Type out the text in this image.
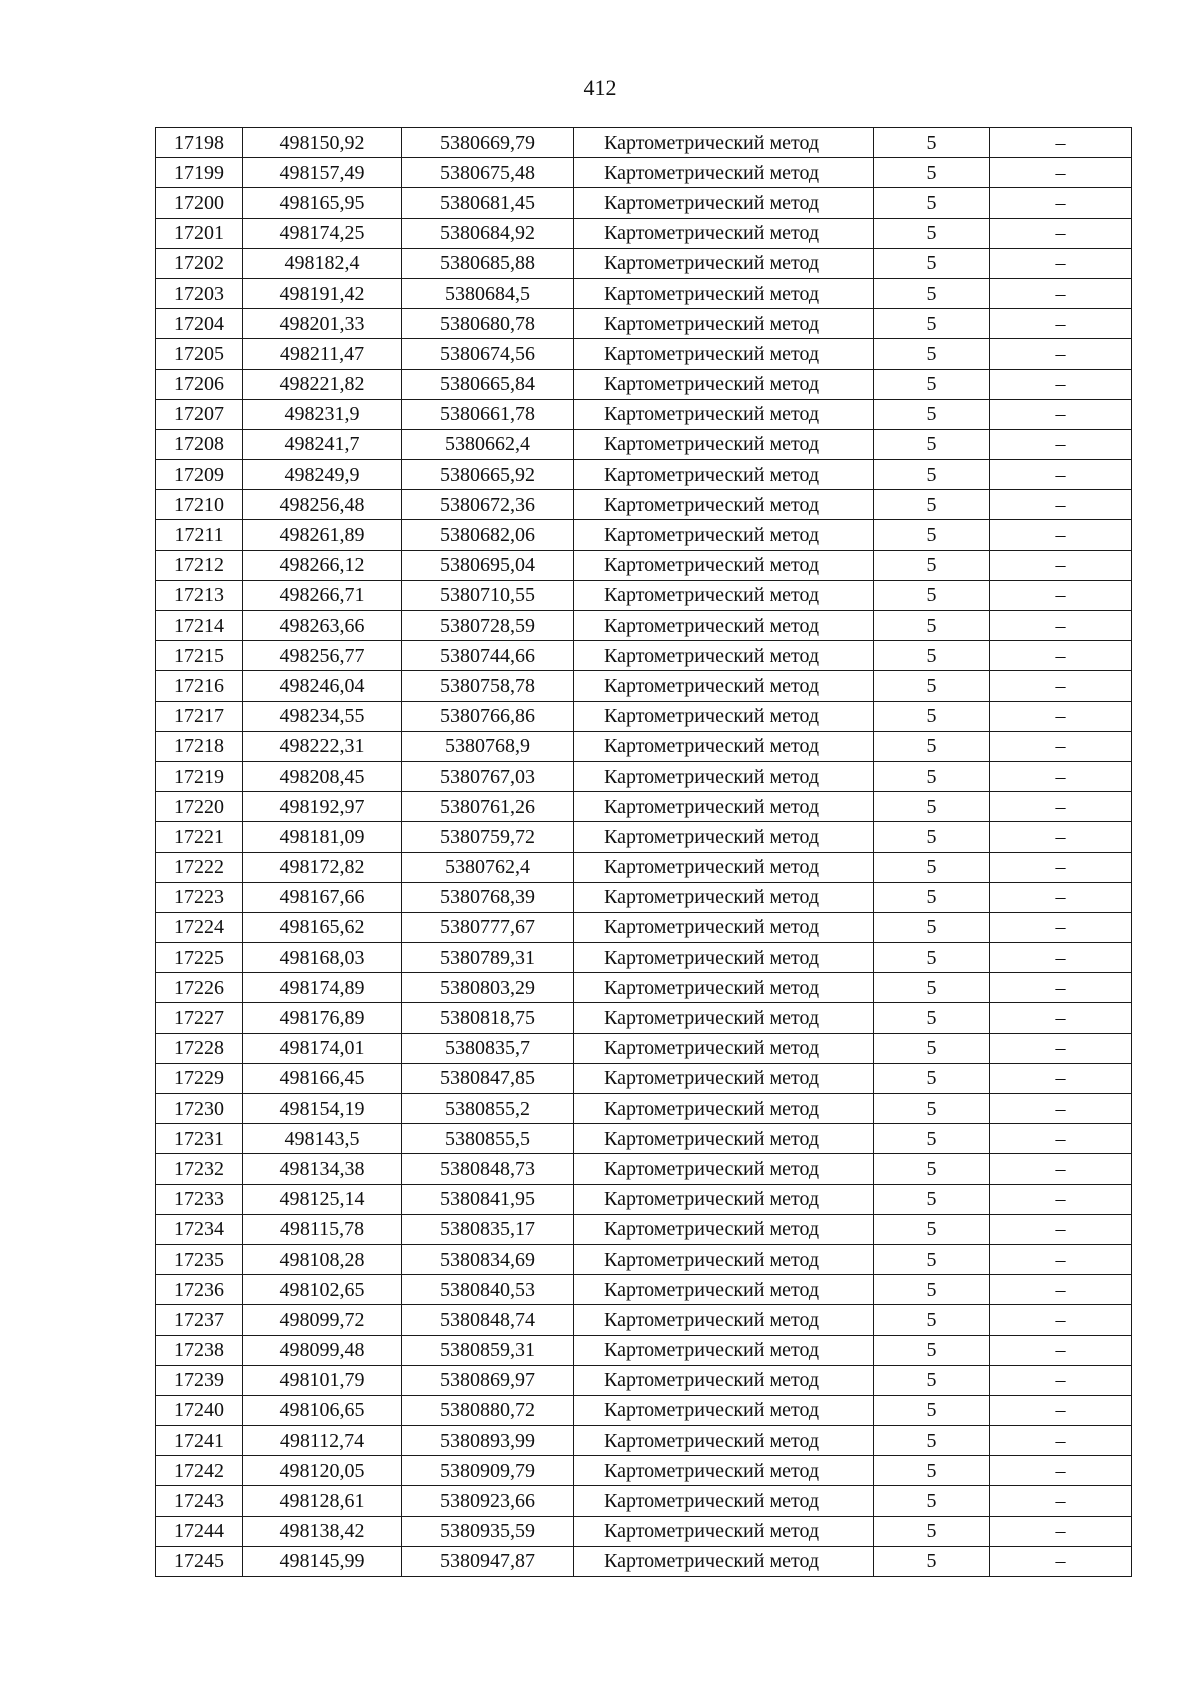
412
17198	498150,92	5380669,79	Картометрический метод	5	–
17199	498157,49	5380675,48	Картометрический метод	5	–
17200	498165,95	5380681,45	Картометрический метод	5	–
17201	498174,25	5380684,92	Картометрический метод	5	–
17202	498182,4	5380685,88	Картометрический метод	5	–
17203	498191,42	5380684,5	Картометрический метод	5	–
17204	498201,33	5380680,78	Картометрический метод	5	–
17205	498211,47	5380674,56	Картометрический метод	5	–
17206	498221,82	5380665,84	Картометрический метод	5	–
17207	498231,9	5380661,78	Картометрический метод	5	–
17208	498241,7	5380662,4	Картометрический метод	5	–
17209	498249,9	5380665,92	Картометрический метод	5	–
17210	498256,48	5380672,36	Картометрический метод	5	–
17211	498261,89	5380682,06	Картометрический метод	5	–
17212	498266,12	5380695,04	Картометрический метод	5	–
17213	498266,71	5380710,55	Картометрический метод	5	–
17214	498263,66	5380728,59	Картометрический метод	5	–
17215	498256,77	5380744,66	Картометрический метод	5	–
17216	498246,04	5380758,78	Картометрический метод	5	–
17217	498234,55	5380766,86	Картометрический метод	5	–
17218	498222,31	5380768,9	Картометрический метод	5	–
17219	498208,45	5380767,03	Картометрический метод	5	–
17220	498192,97	5380761,26	Картометрический метод	5	–
17221	498181,09	5380759,72	Картометрический метод	5	–
17222	498172,82	5380762,4	Картометрический метод	5	–
17223	498167,66	5380768,39	Картометрический метод	5	–
17224	498165,62	5380777,67	Картометрический метод	5	–
17225	498168,03	5380789,31	Картометрический метод	5	–
17226	498174,89	5380803,29	Картометрический метод	5	–
17227	498176,89	5380818,75	Картометрический метод	5	–
17228	498174,01	5380835,7	Картометрический метод	5	–
17229	498166,45	5380847,85	Картометрический метод	5	–
17230	498154,19	5380855,2	Картометрический метод	5	–
17231	498143,5	5380855,5	Картометрический метод	5	–
17232	498134,38	5380848,73	Картометрический метод	5	–
17233	498125,14	5380841,95	Картометрический метод	5	–
17234	498115,78	5380835,17	Картометрический метод	5	–
17235	498108,28	5380834,69	Картометрический метод	5	–
17236	498102,65	5380840,53	Картометрический метод	5	–
17237	498099,72	5380848,74	Картометрический метод	5	–
17238	498099,48	5380859,31	Картометрический метод	5	–
17239	498101,79	5380869,97	Картометрический метод	5	–
17240	498106,65	5380880,72	Картометрический метод	5	–
17241	498112,74	5380893,99	Картометрический метод	5	–
17242	498120,05	5380909,79	Картометрический метод	5	–
17243	498128,61	5380923,66	Картометрический метод	5	–
17244	498138,42	5380935,59	Картометрический метод	5	–
17245	498145,99	5380947,87	Картометрический метод	5	–
